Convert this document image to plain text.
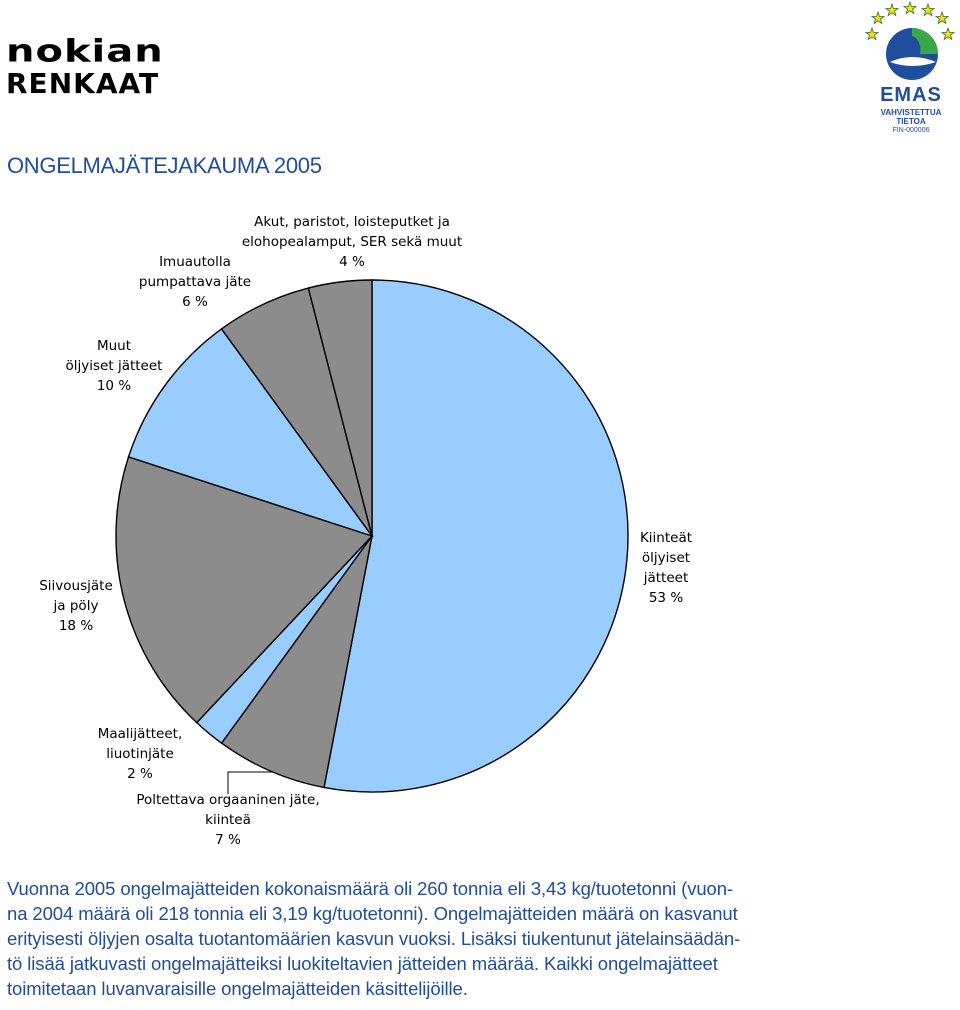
nokian
RENKAAT	EMAS
VAHVISTETTUA
TIETOA
FIN-000006
ONGELMAJÄTEJAKAUMA 2005
Kiinteät öljyiset jätteet 53 %
Poltettava orgaaninen jäte, kiinteä 7 %
Maalijätteet, liuotinjäte 2 %
Siivousjäte ja pöly 18 %
Muut öljyiset jätteet 10 %
Imuautolla pumpattava jäte 6 %
Akut, paristot, loisteputket ja elohopealamput, SER sekä muut 4 %
Vuonna 2005 ongelmajätteiden kokonaismäärä oli 260 tonnia eli 3,43 kg/tuotetonni (vuon-
na 2004 määrä oli 218 tonnia eli 3,19 kg/tuotetonni). Ongelmajätteiden määrä on kasvanut
erityisesti öljyjen osalta tuotantomäärien kasvun vuoksi. Lisäksi tiukentunut jätelainsäädän-
tö lisää jatkuvasti ongelmajätteiksi luokiteltavien jätteiden määrää. Kaikki ongelmajätteet
toimitetaan luvanvaraisille ongelmajätteiden käsittelijöille.
